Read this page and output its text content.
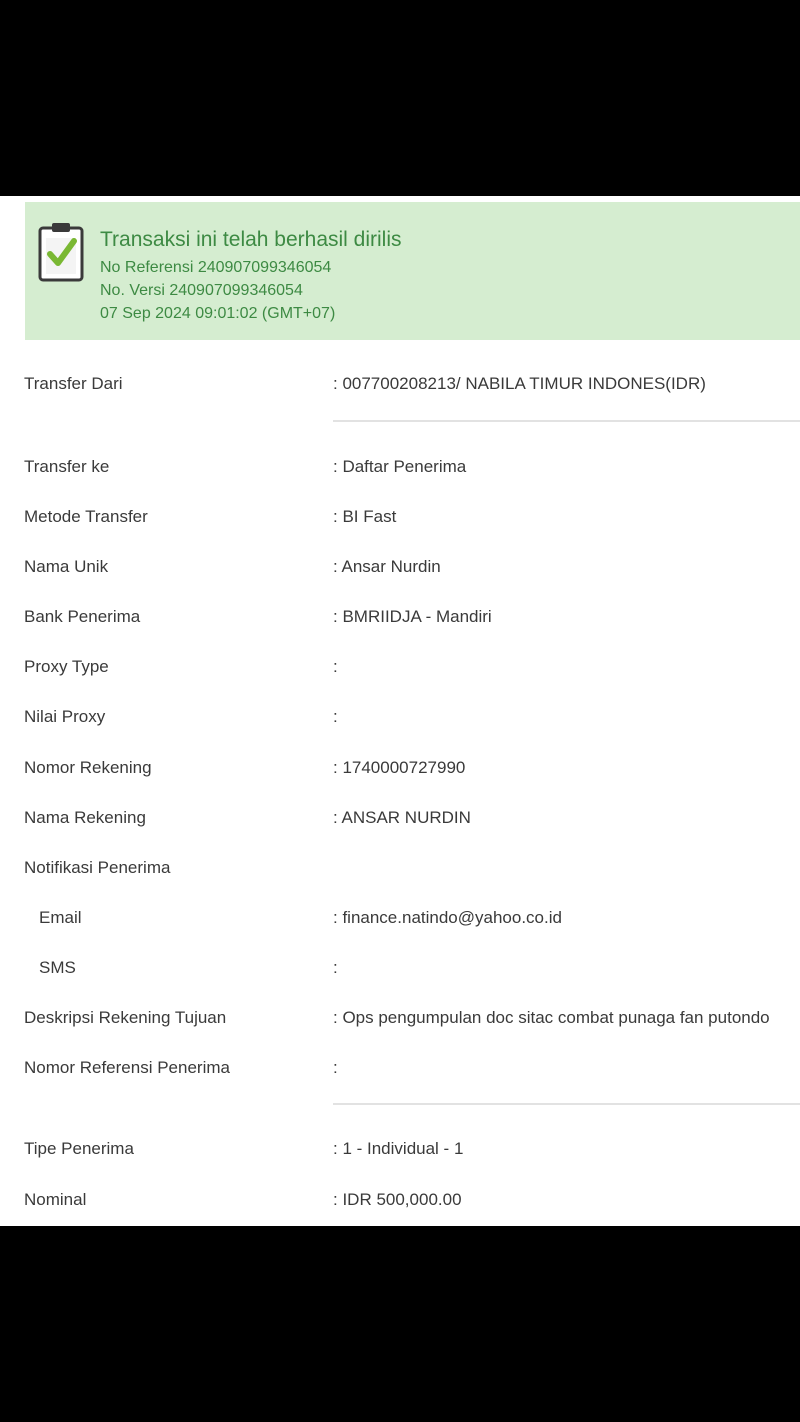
Transaksi ini telah berhasil dirilis
No Referensi 240907099346054
No. Versi 240907099346054
07 Sep 2024 09:01:02 (GMT+07)
Transfer Dari	: 007700208213/ NABILA TIMUR INDONES(IDR)
Transfer ke	: Daftar Penerima
Metode Transfer	: BI Fast
Nama Unik	: Ansar Nurdin
Bank Penerima	: BMRIIDJA - Mandiri
Proxy Type	:
Nilai Proxy	:
Nomor Rekening	: 1740000727990
Nama Rekening	: ANSAR NURDIN
Notifikasi Penerima
Email	: finance.natindo@yahoo.co.id
SMS	:
Deskripsi Rekening Tujuan	: Ops pengumpulan doc sitac combat punaga fan putondo
Nomor Referensi Penerima	:
Tipe Penerima	: 1 - Individual - 1
Nominal	: IDR 500,000.00
